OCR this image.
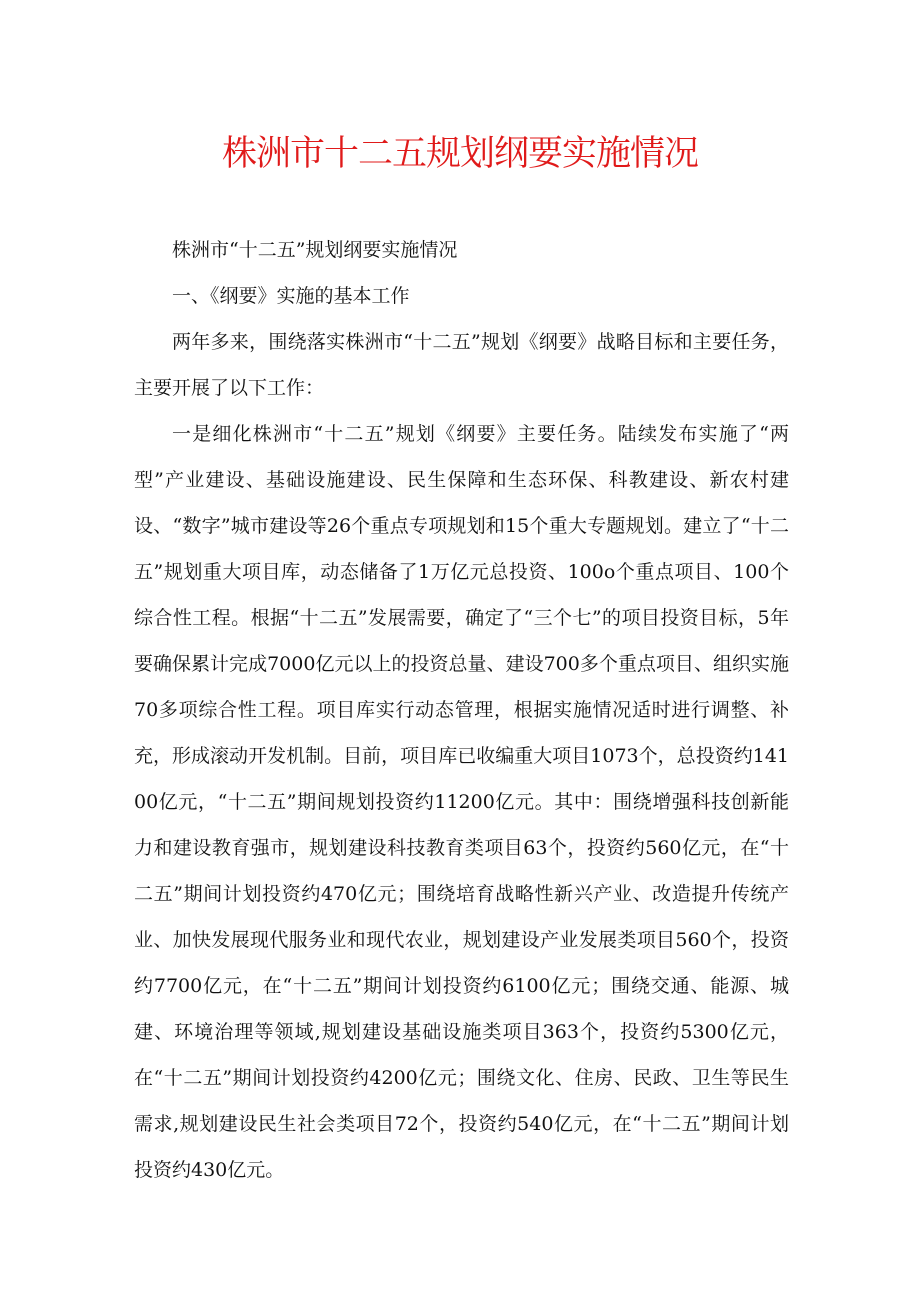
株洲市十二五规划纲要实施情况

株洲市“十二五”规划纲要实施情况

一、《纲要》实施的基本工作

两年多来，围绕落实株洲市“十二五”规划《纲要》战略目标和主要任务，主要开展了以下工作：

一是细化株洲市“十二五”规划《纲要》主要任务。陆续发布实施了“两型”产业建设、基础设施建设、民生保障和生态环保、科教建设、新农村建设、“数字”城市建设等26个重点专项规划和15个重大专题规划。建立了“十二五”规划重大项目库，动态储备了1万亿元总投资、100o个重点项目、100个综合性工程。根据“十二五”发展需要，确定了“三个七”的项目投资目标，5年要确保累计完成7000亿元以上的投资总量、建设700多个重点项目、组织实施70多项综合性工程。项目库实行动态管理，根据实施情况适时进行调整、补充，形成滚动开发机制。目前，项目库已收编重大项目1073个，总投资约14100亿元，“十二五”期间规划投资约11200亿元。其中：围绕增强科技创新能力和建设教育强市，规划建设科技教育类项目63个，投资约560亿元，在“十二五”期间计划投资约470亿元；围绕培育战略性新兴产业、改造提升传统产业、加快发展现代服务业和现代农业，规划建设产业发展类项目560个，投资约7700亿元，在“十二五”期间计划投资约6100亿元；围绕交通、能源、城建、环境治理等领域,规划建设基础设施类项目363个，投资约5300亿元，在“十二五”期间计划投资约4200亿元；围绕文化、住房、民政、卫生等民生需求,规划建设民生社会类项目72个，投资约540亿元，在“十二五”期间计划投资约430亿元。
